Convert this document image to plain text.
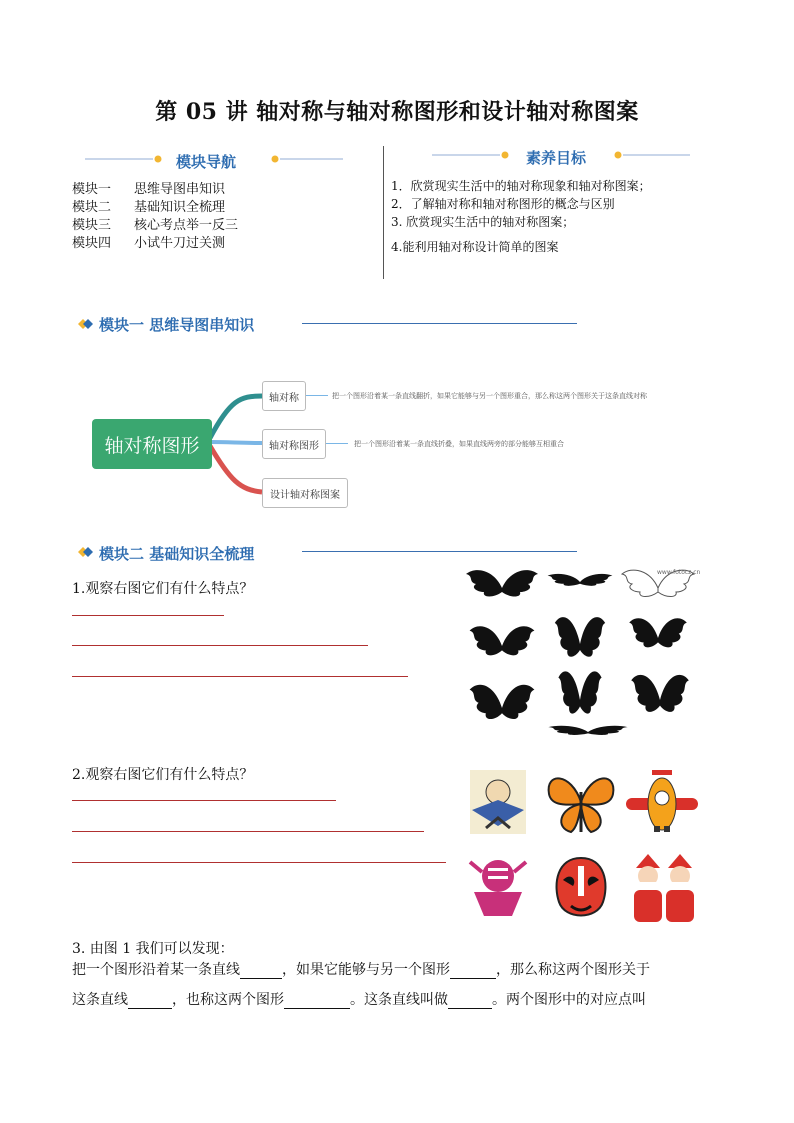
第 05 讲 轴对称与轴对称图形和设计轴对称图案
模块导航
模块一 思维导图串知识
模块二 基础知识全梳理
模块三 核心考点举一反三
模块四 小试牛刀过关测
素养目标
1．欣赏现实生活中的轴对称现象和轴对称图案；
2．了解轴对称和轴对称图形的概念与区别
3. 欣赏现实生活中的轴对称图案；
4.能利用轴对称设计简单的图案
模块一 思维导图串知识
轴对称图形
轴对称	把一个图形沿着某一条直线翻折，如果它能够与另一个图形重合，那么称这两个图形关于这条直线对称
轴对称图形	把一个图形沿着某一条直线折叠，如果直线两旁的部分能够互相重合
设计轴对称图案
模块二 基础知识全梳理
1.观察右图它们有什么特点？
www.fotocz.cn
2.观察右图它们有什么特点？
3. 由图 1 我们可以发现：
把一个图形沿着某一条直线	，如果它能够与另一个图形	，那么称这两个图形关于
这条直线	，也称这两个图形	。这条直线叫做	。两个图形中的对应点叫
